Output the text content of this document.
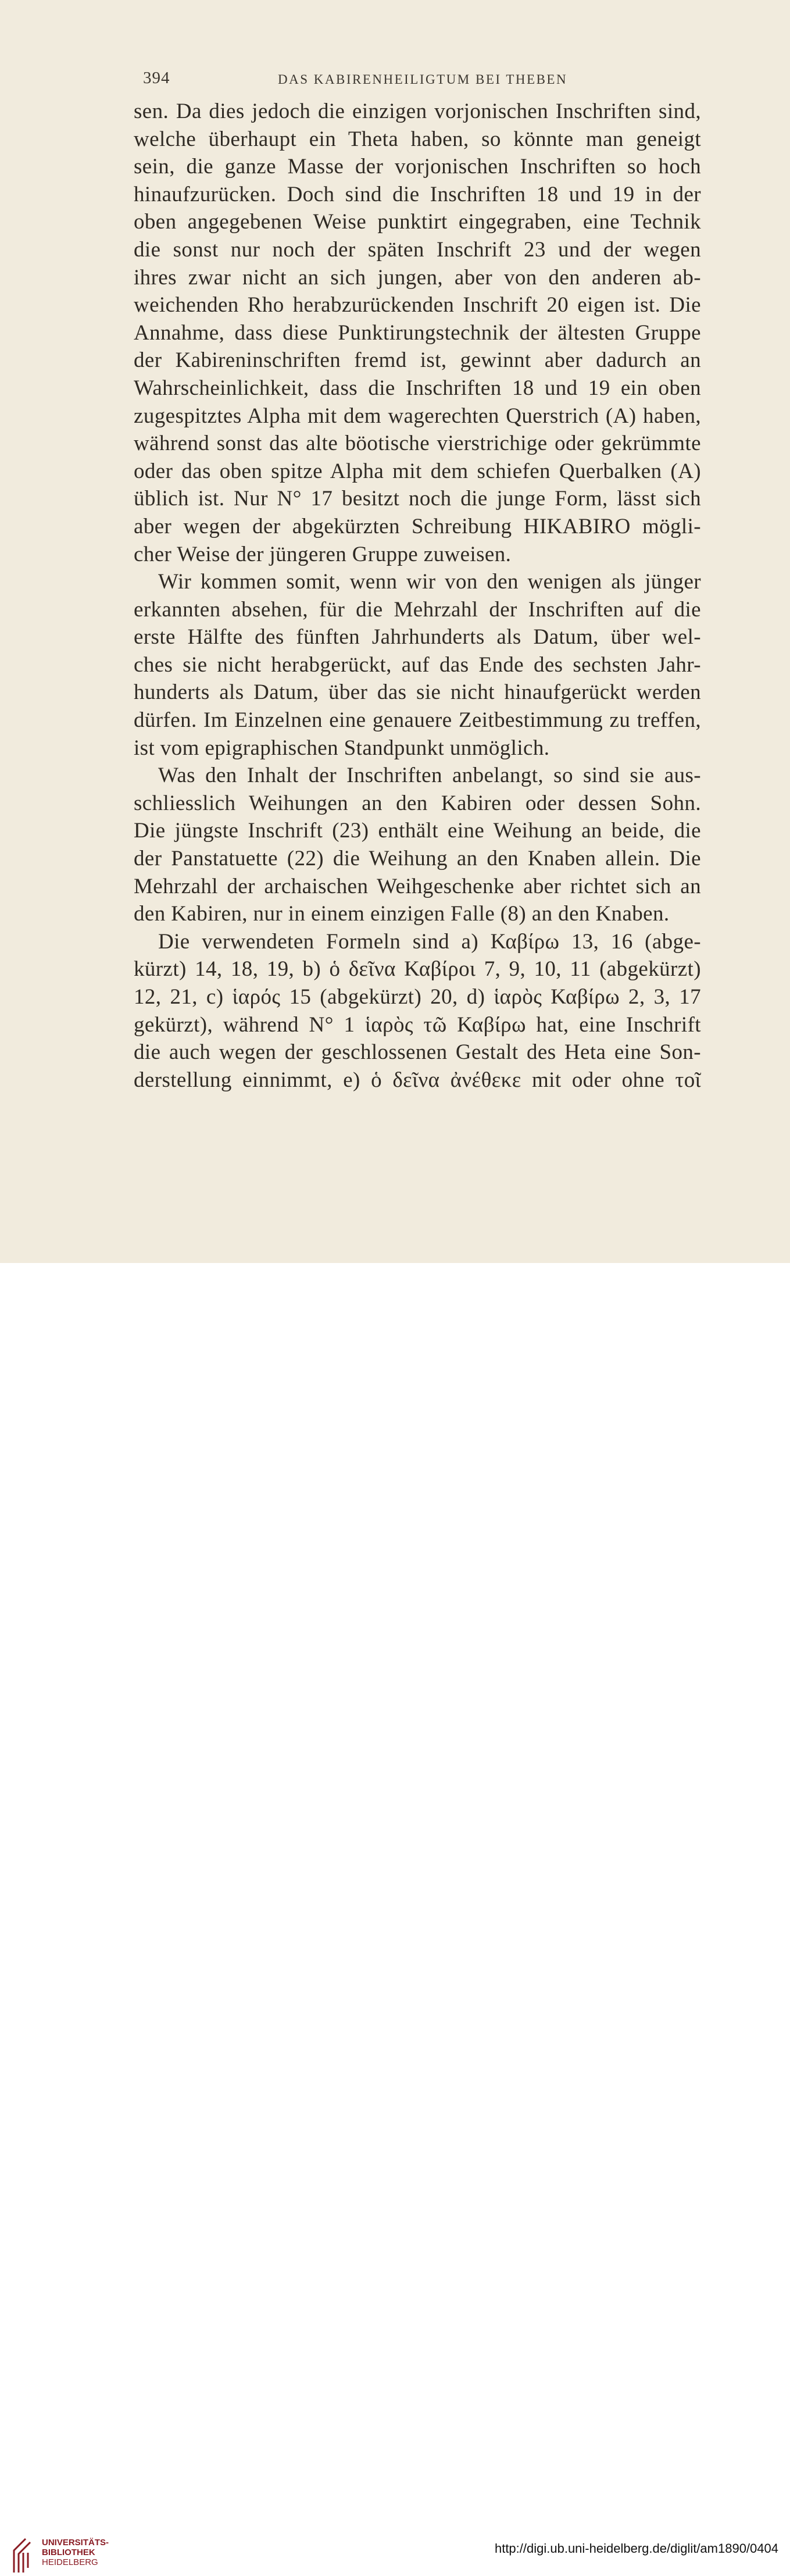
394	DAS KABIRENHEILIGTUM BEI THEBEN
sen. Da dies jedoch die einzigen vorjonischen Inschriften sind,
welche überhaupt ein Theta haben, so könnte man geneigt
sein, die ganze Masse der vorjonischen Inschriften so hoch
hinaufzurücken. Doch sind die Inschriften 18 und 19 in der
oben angegebenen Weise punktirt eingegraben, eine Technik
die sonst nur noch der späten Inschrift 23 und der wegen
ihres zwar nicht an sich jungen, aber von den anderen ab-
weichenden Rho herabzurückenden Inschrift 20 eigen ist. Die
Annahme, dass diese Punktirungstechnik der ältesten Gruppe
der Kabireninschriften fremd ist, gewinnt aber dadurch an
Wahrscheinlichkeit, dass die Inschriften 18 und 19 ein oben
zugespitztes Alpha mit dem wagerechten Querstrich (A) haben,
während sonst das alte böotische vierstrichige oder gekrümmte
oder das oben spitze Alpha mit dem schiefen Querbalken (A)
üblich ist. Nur N° 17 besitzt noch die junge Form, lässt sich
aber wegen der abgekürzten Schreibung HIKABIRO mögli-
cher Weise der jüngeren Gruppe zuweisen.
Wir kommen somit, wenn wir von den wenigen als jünger
erkannten absehen, für die Mehrzahl der Inschriften auf die
erste Hälfte des fünften Jahrhunderts als Datum, über wel-
ches sie nicht herabgerückt, auf das Ende des sechsten Jahr-
hunderts als Datum, über das sie nicht hinaufgerückt werden
dürfen. Im Einzelnen eine genauere Zeitbestimmung zu treffen,
ist vom epigraphischen Standpunkt unmöglich.
Was den Inhalt der Inschriften anbelangt, so sind sie aus-
schliesslich Weihungen an den Kabiren oder dessen Sohn.
Die jüngste Inschrift (23) enthält eine Weihung an beide, die
der Panstatuette (22) die Weihung an den Knaben allein. Die
Mehrzahl der archaischen Weihgeschenke aber richtet sich an
den Kabiren, nur in einem einzigen Falle (8) an den Knaben.
Die verwendeten Formeln sind a) Καβίρω 13, 16 (abge-
kürzt) 14, 18, 19, b) ὁ δεῖνα Καβίροι 7, 9, 10, 11 (abgekürzt)
12, 21, c) ἱαρός 15 (abgekürzt) 20, d) ἱαρὸς Καβίρω 2, 3, 17
gekürzt), während N° 1 ἱαρὸς τῶ Καβίρω hat, eine Inschrift
die auch wegen der geschlossenen Gestalt des Heta eine Son-
derstellung einnimmt, e) ὁ δεῖνα ἀνέθεκε mit oder ohne τοῖ
UNIVERSITÄTS-
BIBLIOTHEK
HEIDELBERG
http://digi.ub.uni-heidelberg.de/diglit/am1890/0404
